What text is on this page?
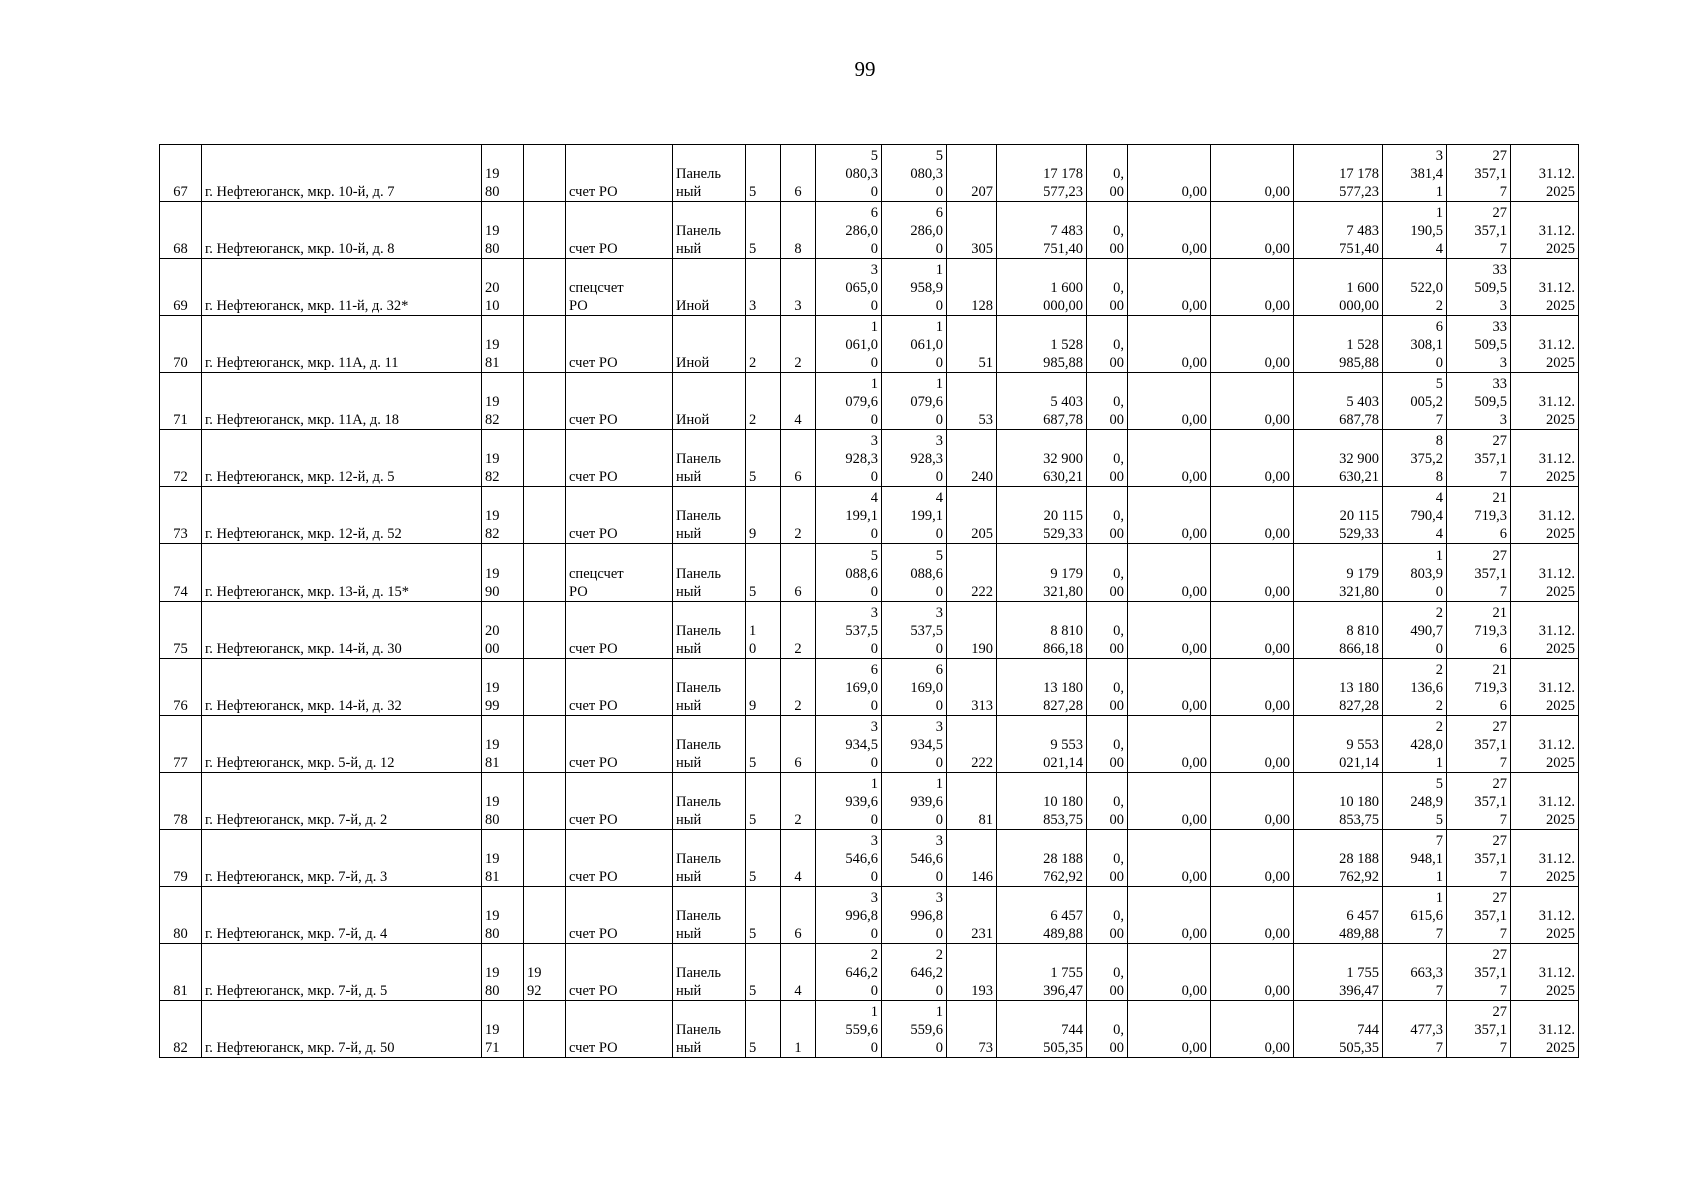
99
67	г. Нефтеюганск, мкр. 10-й, д. 7	19
80		счет РО	Панель
ный	5	6	5
080,3
0	5
080,3
0	207	17 178
577,23	0,
00	0,00	0,00	17 178
577,23	3
381,4
1	27
357,1
7	31.12.
2025
68	г. Нефтеюганск, мкр. 10-й, д. 8	19
80		счет РО	Панель
ный	5	8	6
286,0
0	6
286,0
0	305	7 483
751,40	0,
00	0,00	0,00	7 483
751,40	1
190,5
4	27
357,1
7	31.12.
2025
69	г. Нефтеюганск, мкр. 11-й, д. 32*	20
10		спецсчет
РО	Иной	3	3	3
065,0
0	1
958,9
0	128	1 600
000,00	0,
00	0,00	0,00	1 600
000,00	522,0
2	33
509,5
3	31.12.
2025
70	г. Нефтеюганск, мкр. 11А, д. 11	19
81		счет РО	Иной	2	2	1
061,0
0	1
061,0
0	51	1 528
985,88	0,
00	0,00	0,00	1 528
985,88	6
308,1
0	33
509,5
3	31.12.
2025
71	г. Нефтеюганск, мкр. 11А, д. 18	19
82		счет РО	Иной	2	4	1
079,6
0	1
079,6
0	53	5 403
687,78	0,
00	0,00	0,00	5 403
687,78	5
005,2
7	33
509,5
3	31.12.
2025
72	г. Нефтеюганск, мкр. 12-й, д. 5	19
82		счет РО	Панель
ный	5	6	3
928,3
0	3
928,3
0	240	32 900
630,21	0,
00	0,00	0,00	32 900
630,21	8
375,2
8	27
357,1
7	31.12.
2025
73	г. Нефтеюганск, мкр. 12-й, д. 52	19
82		счет РО	Панель
ный	9	2	4
199,1
0	4
199,1
0	205	20 115
529,33	0,
00	0,00	0,00	20 115
529,33	4
790,4
4	21
719,3
6	31.12.
2025
74	г. Нефтеюганск, мкр. 13-й, д. 15*	19
90		спецсчет
РО	Панель
ный	5	6	5
088,6
0	5
088,6
0	222	9 179
321,80	0,
00	0,00	0,00	9 179
321,80	1
803,9
0	27
357,1
7	31.12.
2025
75	г. Нефтеюганск, мкр. 14-й, д. 30	20
00		счет РО	Панель
ный	1
0	2	3
537,5
0	3
537,5
0	190	8 810
866,18	0,
00	0,00	0,00	8 810
866,18	2
490,7
0	21
719,3
6	31.12.
2025
76	г. Нефтеюганск, мкр. 14-й, д. 32	19
99		счет РО	Панель
ный	9	2	6
169,0
0	6
169,0
0	313	13 180
827,28	0,
00	0,00	0,00	13 180
827,28	2
136,6
2	21
719,3
6	31.12.
2025
77	г. Нефтеюганск, мкр. 5-й, д. 12	19
81		счет РО	Панель
ный	5	6	3
934,5
0	3
934,5
0	222	9 553
021,14	0,
00	0,00	0,00	9 553
021,14	2
428,0
1	27
357,1
7	31.12.
2025
78	г. Нефтеюганск, мкр. 7-й, д. 2	19
80		счет РО	Панель
ный	5	2	1
939,6
0	1
939,6
0	81	10 180
853,75	0,
00	0,00	0,00	10 180
853,75	5
248,9
5	27
357,1
7	31.12.
2025
79	г. Нефтеюганск, мкр. 7-й, д. 3	19
81		счет РО	Панель
ный	5	4	3
546,6
0	3
546,6
0	146	28 188
762,92	0,
00	0,00	0,00	28 188
762,92	7
948,1
1	27
357,1
7	31.12.
2025
80	г. Нефтеюганск, мкр. 7-й, д. 4	19
80		счет РО	Панель
ный	5	6	3
996,8
0	3
996,8
0	231	6 457
489,88	0,
00	0,00	0,00	6 457
489,88	1
615,6
7	27
357,1
7	31.12.
2025
81	г. Нефтеюганск, мкр. 7-й, д. 5	19
80	19
92	счет РО	Панель
ный	5	4	2
646,2
0	2
646,2
0	193	1 755
396,47	0,
00	0,00	0,00	1 755
396,47	663,3
7	27
357,1
7	31.12.
2025
82	г. Нефтеюганск, мкр. 7-й, д. 50	19
71		счет РО	Панель
ный	5	1	1
559,6
0	1
559,6
0	73	744
505,35	0,
00	0,00	0,00	744
505,35	477,3
7	27
357,1
7	31.12.
2025
